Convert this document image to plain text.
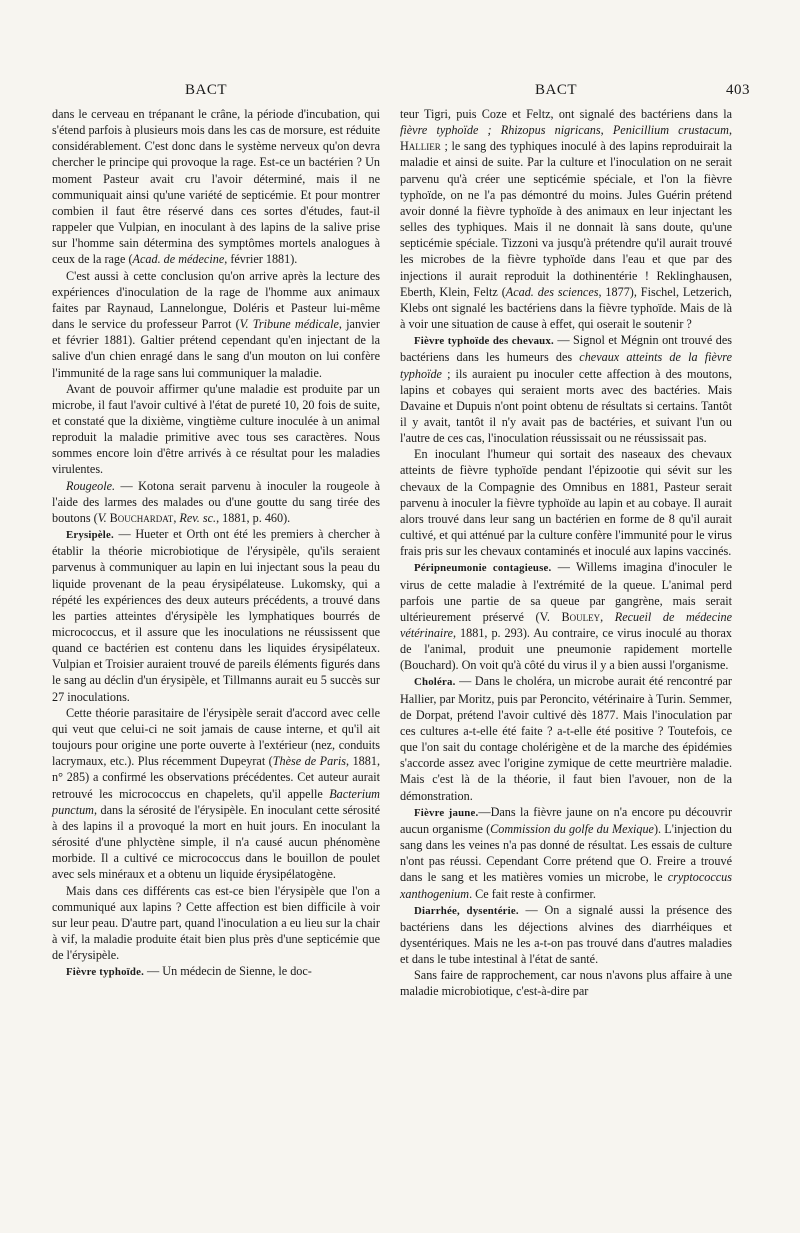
BACT	BACT	403

dans le cerveau en trépanant le crâne, la période d'incubation, qui s'étend parfois à plusieurs mois dans les cas de morsure, est réduite considérablement. C'est donc dans le système nerveux qu'on devra chercher le principe qui provoque la rage. Est-ce un bactérien ? Un moment Pasteur avait cru l'avoir déterminé, mais il ne communiquait ainsi qu'une variété de septicémie. Et pour montrer combien il faut être réservé dans ces sortes d'études, faut-il rappeler que Vulpian, en inoculant à des lapins de la salive prise sur l'homme sain détermina des symptômes mortels analogues à ceux de la rage (Acad. de médecine, février 1881).

C'est aussi à cette conclusion qu'on arrive après la lecture des expériences d'inoculation de la rage de l'homme aux animaux faites par Raynaud, Lannelongue, Doléris et Pasteur lui-même dans le service du professeur Parrot (V. Tribune médicale, janvier et février 1881). Galtier prétend cependant qu'en injectant de la salive d'un chien enragé dans le sang d'un mouton on lui confère l'immunité de la rage sans lui communiquer la maladie.

Avant de pouvoir affirmer qu'une maladie est produite par un microbe, il faut l'avoir cultivé à l'état de pureté 10, 20 fois de suite, et constaté que la dixième, vingtième culture inoculée à un animal reproduit la maladie primitive avec tous ses caractères. Nous sommes encore loin d'être arrivés à ce résultat pour les maladies virulentes.

Rougeole. — Kotona serait parvenu à inoculer la rougeole à l'aide des larmes des malades ou d'une goutte du sang tirée des boutons (V. Bouchardat, Rev. sc., 1881, p. 460).

Erysipèle. — Hueter et Orth ont été les premiers à chercher à établir la théorie microbiotique de l'érysipèle, qu'ils seraient parvenus à communiquer au lapin en lui injectant sous la peau du liquide provenant de la peau érysipélateuse. Lukomsky, qui a répété les expériences des deux auteurs précédents, a trouvé dans les parties atteintes d'érysipèle les lymphatiques bourrés de micrococcus, et il assure que les inoculations ne réussissent que quand ce bactérien est contenu dans les liquides érysipélateux. Vulpian et Troisier auraient trouvé de pareils éléments figurés dans le sang au déclin d'un érysipèle, et Tillmanns aurait eu 5 succès sur 27 inoculations.

Cette théorie parasitaire de l'érysipèle serait d'accord avec celle qui veut que celui-ci ne soit jamais de cause interne, et qu'il ait toujours pour origine une porte ouverte à l'extérieur (nez, conduits lacrymaux, etc.). Plus récemment Dupeyrat (Thèse de Paris, 1881, n° 285) a confirmé les observations précédentes. Cet auteur aurait retrouvé les micrococcus en chapelets, qu'il appelle Bacterium punctum, dans la sérosité de l'érysipèle. En inoculant cette sérosité à des lapins il a provoqué la mort en huit jours. En inoculant la sérosité d'une phlyctène simple, il n'a causé aucun phénomène morbide. Il a cultivé ce micrococcus dans le bouillon de poulet avec sels minéraux et a obtenu un liquide érysipélatogène.

Mais dans ces différents cas est-ce bien l'érysipèle que l'on a communiqué aux lapins ? Cette affection est bien difficile à voir sur leur peau. D'autre part, quand l'inoculation a eu lieu sur la chair à vif, la maladie produite était bien plus près d'une septicémie que de l'érysipèle.

Fièvre typhoïde. — Un médecin de Sienne, le doc-

teur Tigri, puis Coze et Feltz, ont signalé des bactériens dans la fièvre typhoïde ; Rhizopus nigricans, Penicillium crustacum, Hallier ; le sang des typhiques inoculé à des lapins reproduirait la maladie et ainsi de suite. Par la culture et l'inoculation on ne serait parvenu qu'à créer une septicémie spéciale, et l'on la fièvre typhoïde, on ne l'a pas démontré du moins. Jules Guérin prétend avoir donné la fièvre typhoïde à des animaux en leur injectant les selles des typhiques. Mais il ne donnait là sans doute, qu'une septicémie spéciale. Tizzoni va jusqu'à prétendre qu'il aurait trouvé les microbes de la fièvre typhoïde dans l'eau et que par des injections il aurait reproduit la dothinentérie ! Reklinghausen, Eberth, Klein, Feltz (Acad. des sciences, 1877), Fischel, Letzerich, Klebs ont signalé les bactériens dans la fièvre typhoïde. Mais de là à voir une situation de cause à effet, qui oserait le soutenir ?

Fièvre typhoïde des chevaux. — Signol et Mégnin ont trouvé des bactériens dans les humeurs des chevaux atteints de la fièvre typhoïde ; ils auraient pu inoculer cette affection à des moutons, lapins et cobayes qui seraient morts avec des bactéries. Mais Davaine et Dupuis n'ont point obtenu de résultats si certains. Tantôt il y avait, tantôt il n'y avait pas de bactéries, et suivant l'un ou l'autre de ces cas, l'inoculation réussissait ou ne réussissait pas.

En inoculant l'humeur qui sortait des naseaux des chevaux atteints de fièvre typhoïde pendant l'épizootie qui sévit sur les chevaux de la Compagnie des Omnibus en 1881, Pasteur serait parvenu à inoculer la fièvre typhoïde au lapin et au cobaye. Il aurait alors trouvé dans leur sang un bactérien en forme de 8 qu'il aurait cultivé, et qui atténué par la culture confère l'immunité pour le virus frais pris sur les chevaux contaminés et inoculé aux lapins vaccinés.

Péripneumonie contagieuse. — Willems imagina d'inoculer le virus de cette maladie à l'extrémité de la queue. L'animal perd parfois une partie de sa queue par gangrène, mais serait ultérieurement préservé (V. Bouley, Recueil de médecine vétérinaire, 1881, p. 293). Au contraire, ce virus inoculé au thorax de l'animal, produit une pneumonie rapidement mortelle (Bouchard). On voit qu'à côté du virus il y a bien aussi l'organisme.

Choléra. — Dans le choléra, un microbe aurait été rencontré par Hallier, par Moritz, puis par Peroncito, vétérinaire à Turin. Semmer, de Dorpat, prétend l'avoir cultivé dès 1877. Mais l'inoculation par ces cultures a-t-elle été faite ? a-t-elle été positive ? Toutefois, ce que l'on sait du contage cholérigène et de la marche des épidémies s'accorde assez avec l'origine zymique de cette meurtrière maladie. Mais c'est là de la théorie, il faut bien l'avouer, non de la démonstration.

Fièvre jaune.—Dans la fièvre jaune on n'a encore pu découvrir aucun organisme (Commission du golfe du Mexique). L'injection du sang dans les veines n'a pas donné de résultat. Les essais de culture n'ont pas réussi. Cependant Corre prétend que O. Freire a trouvé dans le sang et les matières vomies un microbe, le cryptococcus xanthogenium. Ce fait reste à confirmer.

Diarrhée, dysentérie. — On a signalé aussi la présence des bactériens dans les déjections alvines des diarrhéiques et dysentériques. Mais ne les a-t-on pas trouvé dans d'autres maladies et dans le tube intestinal à l'état de santé.

Sans faire de rapprochement, car nous n'avons plus affaire à une maladie microbiotique, c'est-à-dire par
